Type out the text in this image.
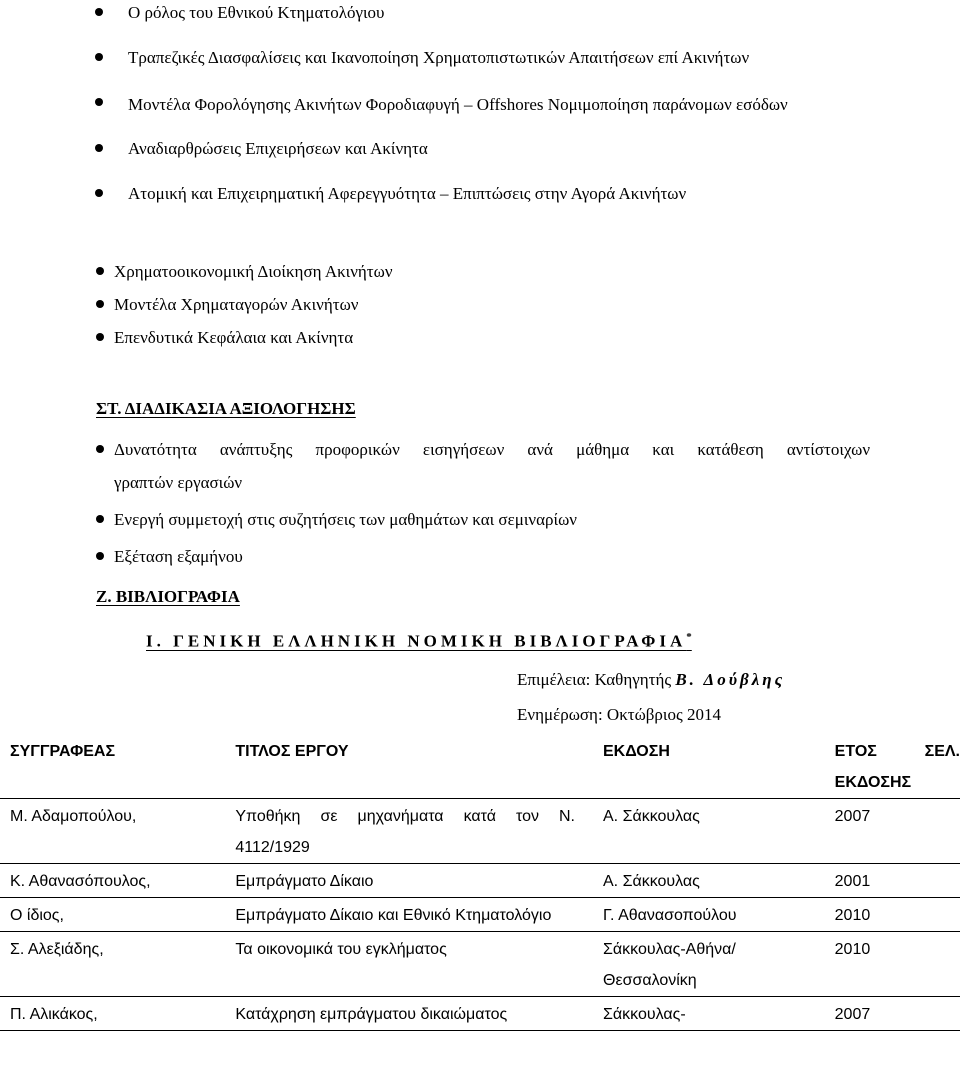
Ο ρόλος του Εθνικού Κτηματολόγιου
Τραπεζικές Διασφαλίσεις και Ικανοποίηση Χρηματοπιστωτικών Απαιτήσεων επί Ακινήτων
Μοντέλα Φορολόγησης Ακινήτων Φοροδιαφυγή – Offshores Νομιμοποίηση παράνομων εσόδων
Αναδιαρθρώσεις Επιχειρήσεων και Ακίνητα
Ατομική και Επιχειρηματική Αφερεγγυότητα – Επιπτώσεις στην Αγορά Ακινήτων
Χρηματοοικονομική Διοίκηση Ακινήτων
Μοντέλα Χρηματαγορών Ακινήτων
Επενδυτικά Κεφάλαια και Ακίνητα
ΣΤ. ΔΙΑΔΙΚΑΣΙΑ ΑΞΙΟΛΟΓΗΣΗΣ
Δυνατότητα ανάπτυξης προφορικών εισηγήσεων ανά μάθημα και κατάθεση αντίστοιχων
γραπτών εργασιών
Ενεργή συμμετοχή στις συζητήσεις των μαθημάτων και σεμιναρίων
Εξέταση εξαμήνου
Ζ. ΒΙΒΛΙΟΓΡΑΦΙΑ
Ι. ΓΕΝΙΚΗ ΕΛΛΗΝΙΚΗ ΝΟΜΙΚΗ ΒΙΒΛΙΟΓΡΑΦΙΑ*
Επιμέλεια: Καθηγητής Β. Δούβλης
Ενημέρωση: Οκτώβριος 2014
ΣΥΓΓΡΑΦΕΑΣ	ΤΙΤΛΟΣ ΕΡΓΟΥ	ΕΚΔΟΣΗ	ΕΤΟΣ ΕΚΔΟΣΗΣ	ΣΕΛ.
Μ. Αδαμοπούλου,	Υποθήκη σε μηχανήματα κατά τον Ν. 4112/1929	Α. Σάκκουλας	2007	
Κ. Αθανασόπουλος,	Εμπράγματο Δίκαιο	Α. Σάκκουλας	2001	
Ο ίδιος,	Εμπράγματο Δίκαιο και Εθνικό Κτηματολόγιο	Γ. Αθανασοπούλου	2010	
Σ. Αλεξιάδης,	Τα οικονομικά του εγκλήματος	Σάκκουλας-Αθήνα/Θεσσαλονίκη	2010	
Π. Αλικάκος,	Κατάχρηση εμπράγματου δικαιώματος	Σάκκουλας-	2007	
